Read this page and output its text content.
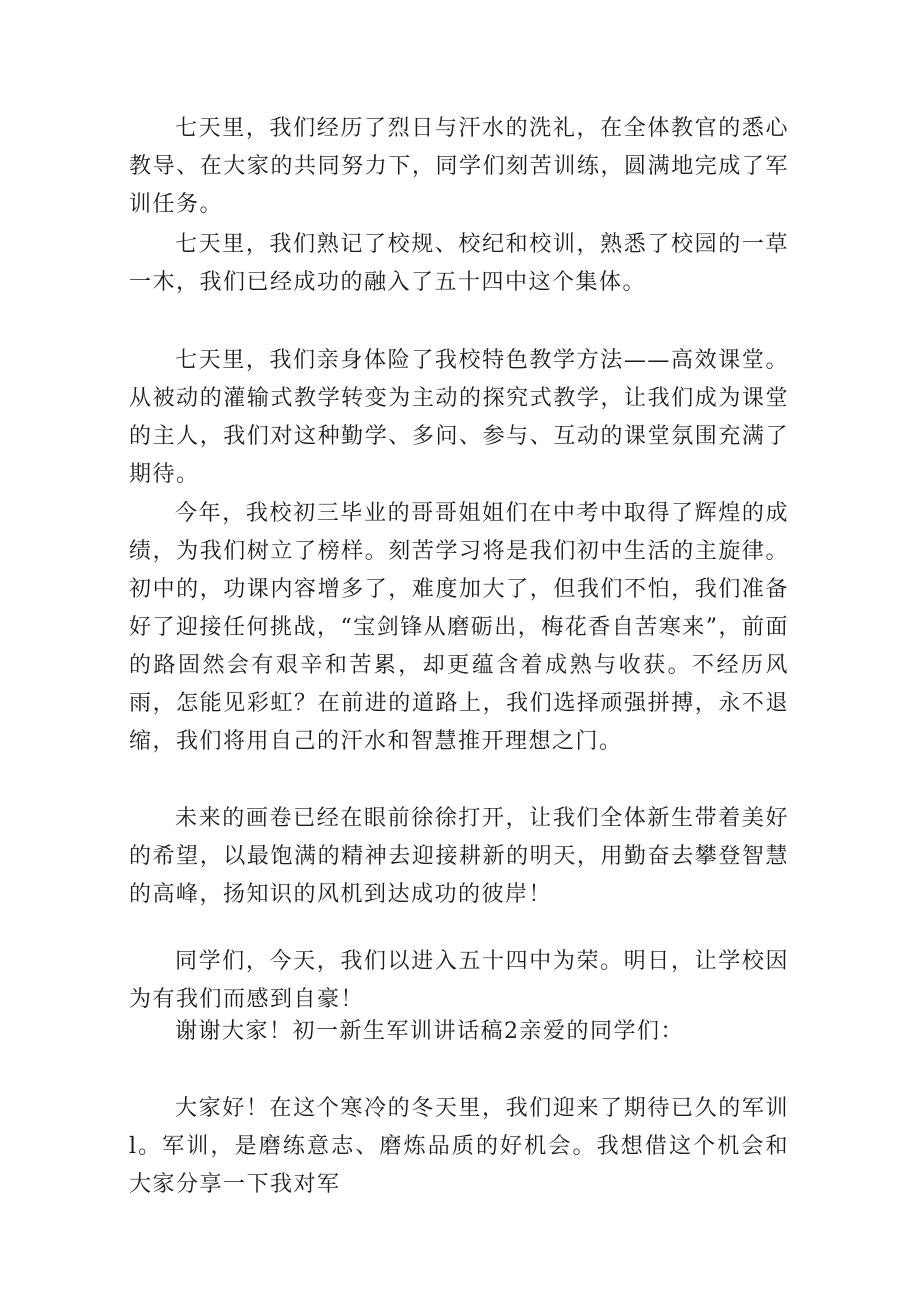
七天里，我们经历了烈日与汗水的洗礼，在全体教官的悉心教导、在大家的共同努力下，同学们刻苦训练，圆满地完成了军训任务。

七天里，我们熟记了校规、校纪和校训，熟悉了校园的一草一木，我们已经成功的融入了五十四中这个集体。

七天里，我们亲身体险了我校特色教学方法——高效课堂。从被动的灌输式教学转变为主动的探究式教学，让我们成为课堂的主人，我们对这种勤学、多问、参与、互动的课堂氛围充满了期待。

今年，我校初三毕业的哥哥姐姐们在中考中取得了辉煌的成绩，为我们树立了榜样。刻苦学习将是我们初中生活的主旋律。初中的，功课内容增多了，难度加大了，但我们不怕，我们准备好了迎接任何挑战，“宝剑锋从磨砺出，梅花香自苦寒来”，前面的路固然会有艰辛和苦累，却更蕴含着成熟与收获。不经历风雨，怎能见彩虹？在前进的道路上，我们选择顽强拼搏，永不退缩，我们将用自己的汗水和智慧推开理想之门。

未来的画卷已经在眼前徐徐打开，让我们全体新生带着美好的希望，以最饱满的精神去迎接耕新的明天，用勤奋去攀登智慧的高峰，扬知识的风机到达成功的彼岸！

同学们，今天，我们以进入五十四中为荣。明日，让学校因为有我们而感到自豪！

谢谢大家！初一新生军训讲话稿2亲爱的同学们：

大家好！在这个寒冷的冬天里，我们迎来了期待已久的军训l。军训，是磨练意志、磨炼品质的好机会。我想借这个机会和大家分享一下我对军
